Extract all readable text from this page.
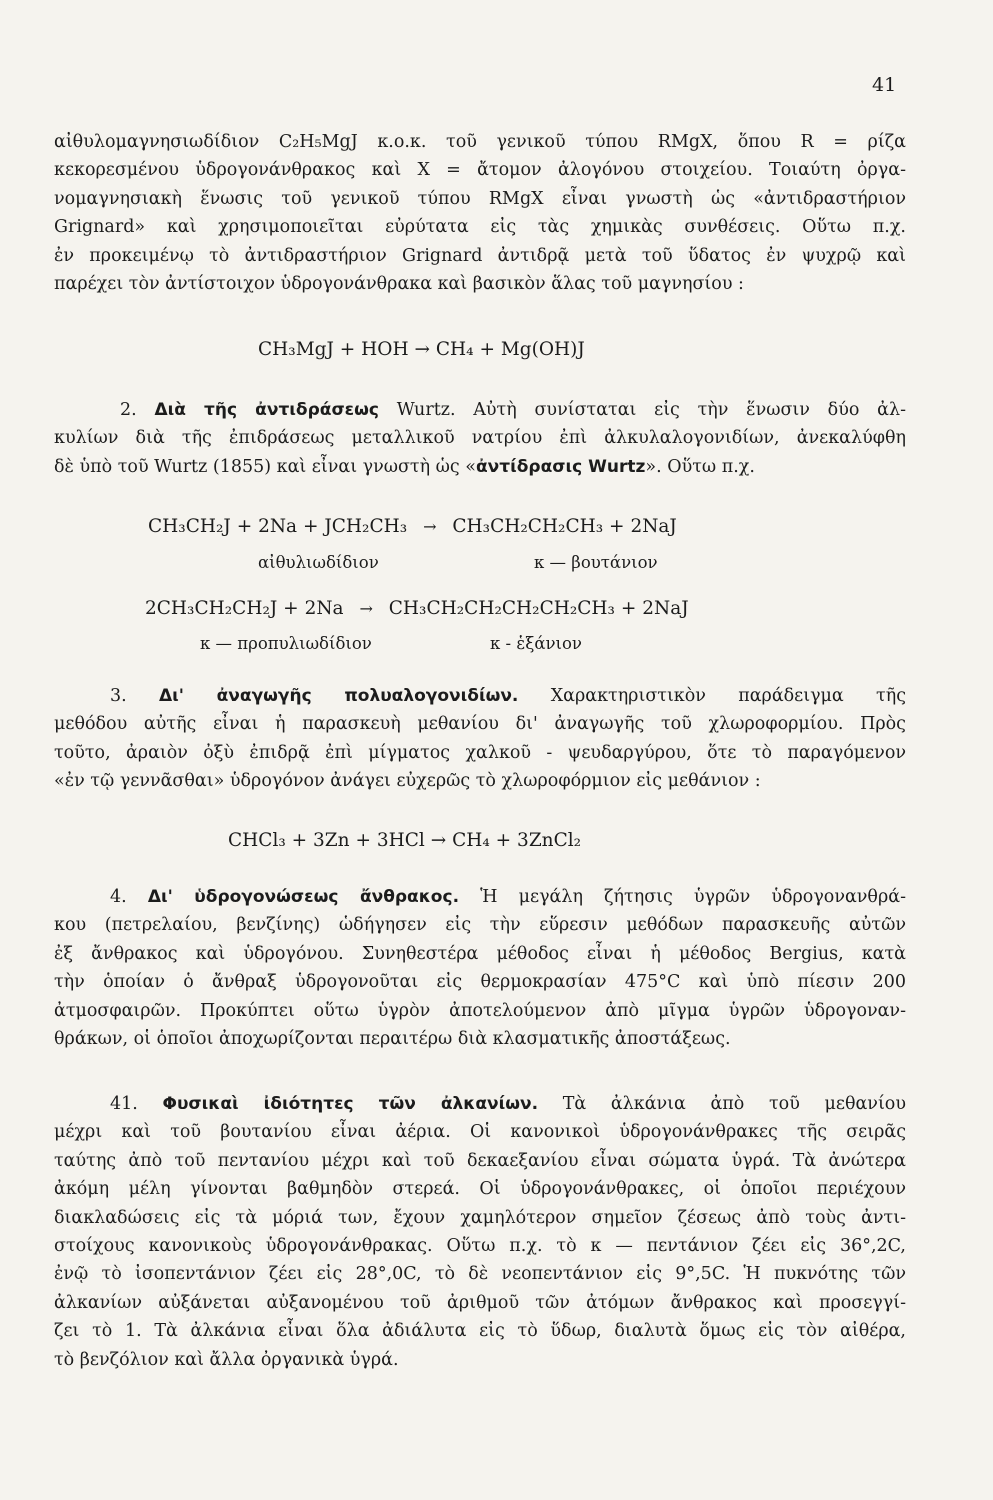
41
αἰθυλομαγνησιωδίδιον C₂H₅MgJ κ.ο.κ. τοῦ γενικοῦ τύπου RMgX, ὅπου R = ρίζα
κεκορεσμένου ὑδρογονάνθρακος καὶ X = ἄτομον ἀλογόνου στοιχείου. Τοιαύτη ὀργα-
νομαγνησιακὴ ἕνωσις τοῦ γενικοῦ τύπου RMgX εἶναι γνωστὴ ὡς «ἀντιδραστήριον
Grignard» καὶ χρησιμοποιεῖται εὐρύτατα εἰς τὰς χημικὰς συνθέσεις. Οὕτω π.χ.
ἐν προκειμένῳ τὸ ἀντιδραστήριον Grignard ἀντιδρᾷ μετὰ τοῦ ὕδατος ἐν ψυχρῷ καὶ
παρέχει τὸν ἀντίστοιχον ὑδρογονάνθρακα καὶ βασικὸν ἅλας τοῦ μαγνησίου :
CH₃MgJ + HOH → CH₄ + Mg(OH)J
2. Διὰ τῆς ἀντιδράσεως Wurtz. Αὐτὴ συνίσταται εἰς τὴν ἕνωσιν δύο ἀλ-
κυλίων διὰ τῆς ἐπιδράσεως μεταλλικοῦ νατρίου ἐπὶ ἀλκυλαλογονιδίων, ἀνεκαλύφθη
δὲ ὑπὸ τοῦ Wurtz (1855) καὶ εἶναι γνωστὴ ὡς «ἀντίδρασις Wurtz». Οὕτω π.χ.
CH₃CH₂J + 2Na + JCH₂CH₃ → CH₃CH₂CH₂CH₃ + 2NaJ
αἰθυλιωδίδιον	κ — βουτάνιον
2CH₃CH₂CH₂J + 2Na → CH₃CH₂CH₂CH₂CH₂CH₃ + 2NaJ
κ — προπυλιωδίδιον	κ - ἑξάνιον
3. Δι' ἀναγωγῆς πολυαλογονιδίων. Χαρακτηριστικὸν παράδειγμα τῆς
μεθόδου αὐτῆς εἶναι ἡ παρασκευὴ μεθανίου δι' ἀναγωγῆς τοῦ χλωροφορμίου. Πρὸς
τοῦτο, ἀραιὸν ὀξὺ ἐπιδρᾷ ἐπὶ μίγματος χαλκοῦ - ψευδαργύρου, ὅτε τὸ παραγόμενον
«ἐν τῷ γεννᾶσθαι» ὑδρογόνον ἀνάγει εὐχερῶς τὸ χλωροφόρμιον εἰς μεθάνιον :
CHCl₃ + 3Zn + 3HCl → CH₄ + 3ZnCl₂
4. Δι' ὑδρογονώσεως ἄνθρακος. Ἡ μεγάλη ζήτησις ὑγρῶν ὑδρογονανθρά-
κου (πετρελαίου, βενζίνης) ὡδήγησεν εἰς τὴν εὕρεσιν μεθόδων παρασκευῆς αὐτῶν
ἐξ ἄνθρακος καὶ ὑδρογόνου. Συνηθεστέρα μέθοδος εἶναι ἡ μέθοδος Bergius, κατὰ
τὴν ὁποίαν ὁ ἄνθραξ ὑδρογονοῦται εἰς θερμοκρασίαν 475°C καὶ ὑπὸ πίεσιν 200
ἀτμοσφαιρῶν. Προκύπτει οὕτω ὑγρὸν ἀποτελούμενον ἀπὸ μῖγμα ὑγρῶν ὑδρογοναν-
θράκων, οἱ ὁποῖοι ἀποχωρίζονται περαιτέρω διὰ κλασματικῆς ἀποστάξεως.
41. Φυσικαὶ ἰδιότητες τῶν ἀλκανίων. Τὰ ἀλκάνια ἀπὸ τοῦ μεθανίου
μέχρι καὶ τοῦ βουτανίου εἶναι ἀέρια. Οἱ κανονικοὶ ὑδρογονάνθρακες τῆς σειρᾶς
ταύτης ἀπὸ τοῦ πεντανίου μέχρι καὶ τοῦ δεκαεξανίου εἶναι σώματα ὑγρά. Τὰ ἀνώτερα
ἀκόμη μέλη γίνονται βαθμηδὸν στερεά. Οἱ ὑδρογονάνθρακες, οἱ ὁποῖοι περιέχουν
διακλαδώσεις εἰς τὰ μόριά των, ἔχουν χαμηλότερον σημεῖον ζέσεως ἀπὸ τοὺς ἀντι-
στοίχους κανονικοὺς ὑδρογονάνθρακας. Οὕτω π.χ. τὸ κ — πεντάνιον ζέει εἰς 36°,2C,
ἐνῷ τὸ ἰσοπεντάνιον ζέει εἰς 28°,0C, τὸ δὲ νεοπεντάνιον εἰς 9°,5C. Ἡ πυκνότης τῶν
ἀλκανίων αὐξάνεται αὐξανομένου τοῦ ἀριθμοῦ τῶν ἀτόμων ἄνθρακος καὶ προσεγγί-
ζει τὸ 1. Τὰ ἀλκάνια εἶναι ὅλα ἀδιάλυτα εἰς τὸ ὕδωρ, διαλυτὰ ὅμως εἰς τὸν αἰθέρα,
τὸ βενζόλιον καὶ ἄλλα ὀργανικὰ ὑγρά.
